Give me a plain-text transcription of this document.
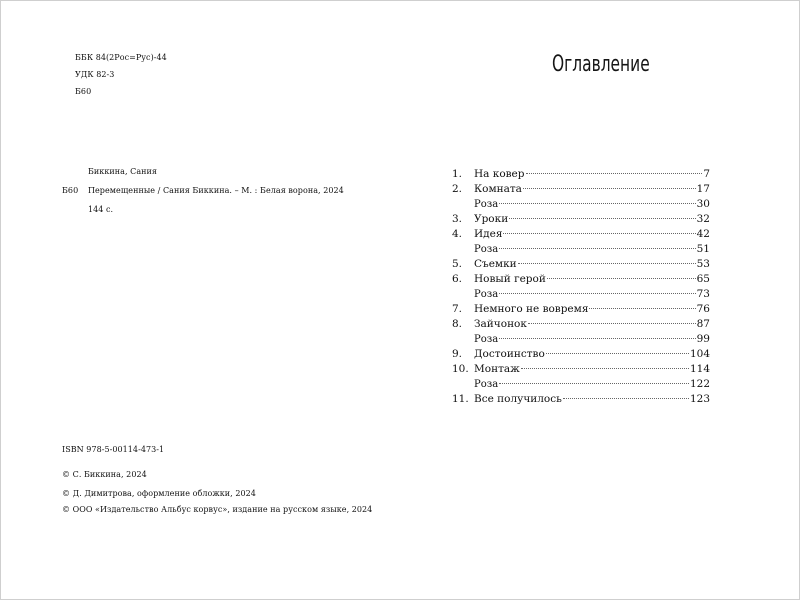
ББК 84(2Рос=Рус)-44
УДК 82-3
Б60
Биккина, Сания
Б60 Перемещенные / Сания Биккина. – М. : Белая ворона, 2024
144 с.
ISBN 978-5-00114-473-1
© С. Биккина, 2024
© Д. Димитрова, оформление обложки, 2024
© ООО «Издательство Альбус корвус», издание на русском языке, 2024
Оглавление
1. На ковер	7
2. Комната	17
Роза	30
3. Уроки	32
4. Идея	42
Роза	51
5. Съемки	53
6. Новый герой	65
Роза	73
7. Немного не вовремя	76
8. Зайчонок	87
Роза	99
9. Достоинство	104
10. Монтаж	114
Роза	122
11. Все получилось	123
